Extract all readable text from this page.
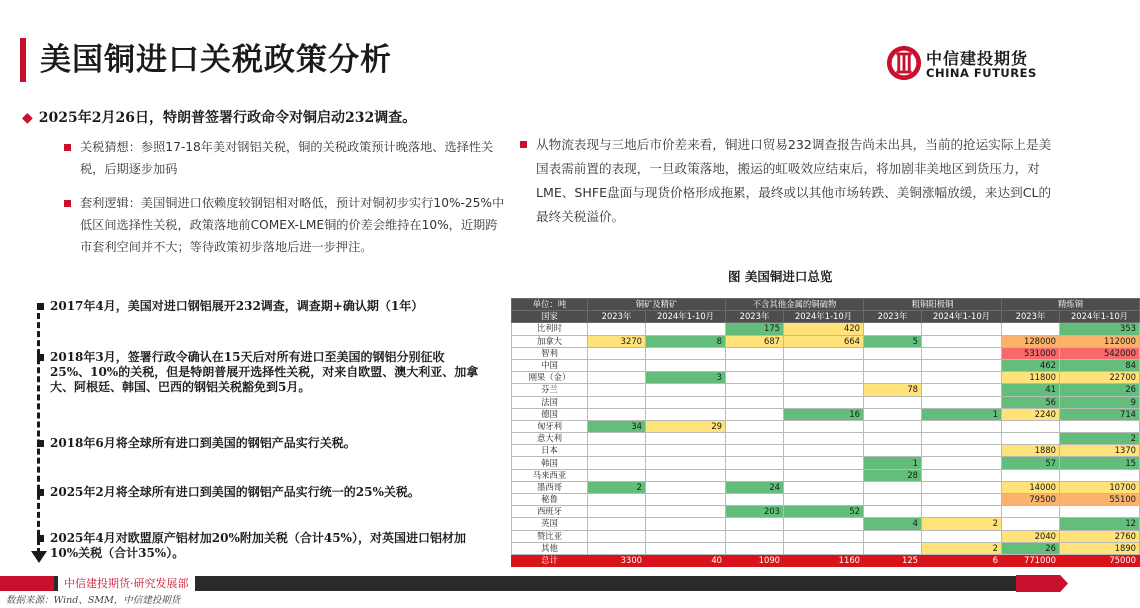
美国铜进口关税政策分析	中信建投期货
CHINA FUTURES
◆ 2025年2月26日，特朗普签署行政命令对铜启动232调查。
关税猜想：参照17-18年美对钢铝关税，铜的关税政策预计晚落地、选择性关税，后期逐步加码
套利逻辑：美国铜进口依赖度较钢铝相对略低，预计对铜初步实行10%-25%中低区间选择性关税，政策落地前COMEX-LME铜的价差会维持在10%，近期跨市套利空间并不大；等待政策初步落地后进一步押注。
从物流表现与三地后市价差来看，铜进口贸易232调查报告尚未出具，当前的抢运实际上是美国表需前置的表现，一旦政策落地，搬运的虹吸效应结束后，将加剧非美地区到货压力，对LME、SHFE盘面与现货价格形成拖累，最终或以其他市场转跌、美铜涨幅放缓，来达到CL的最终关税溢价。
2017年4月，美国对进口钢铝展开232调查，调查期+确认期（1年）
2018年3月，签署行政令确认在15天后对所有进口至美国的钢铝分别征收25%、10%的关税，但是特朗普展开选择性关税，对来自欧盟、澳大利亚、加拿大、阿根廷、韩国、巴西的钢铝关税豁免到5月。
2018年6月将全球所有进口到美国的钢铝产品实行关税。
2025年2月将全球所有进口到美国的钢铝产品实行统一的25%关税。
2025年4月对欧盟原产铝材加20%附加关税（合计45%），对英国进口铝材加10%关税（合计35%）。
图 美国铜进口总览
单位：吨	铜矿及精矿		不含其他金属的铜硫物		粗铜阳极铜		精炼铜	
国家	2023年	2024年1-10月	2023年	2024年1-10月	2023年	2024年1-10月	2023年	2024年1-10月
比利时			175	420				353
加拿大	3270	8	687	664	5		128000	112000
智利							531000	542000
中国							462	84
刚果（金）		3					11800	22700
芬兰					78		41	26
法国							56	9
德国				16		1	2240	714
匈牙利	34	29						
意大利								2
日本							1880	1370
韩国					1		57	15
马来西亚					28			
墨西哥	2		24				14000	10700
秘鲁							79500	55100
西班牙			203	52				
英国					4	2		12
赞比亚							2040	2760
其他						2	26	1890
总计	3300	40	1090	1160	125	6	771000	75000
中信建投期货·研究发展部
数据来源：Wind、SMM，中信建投期货
